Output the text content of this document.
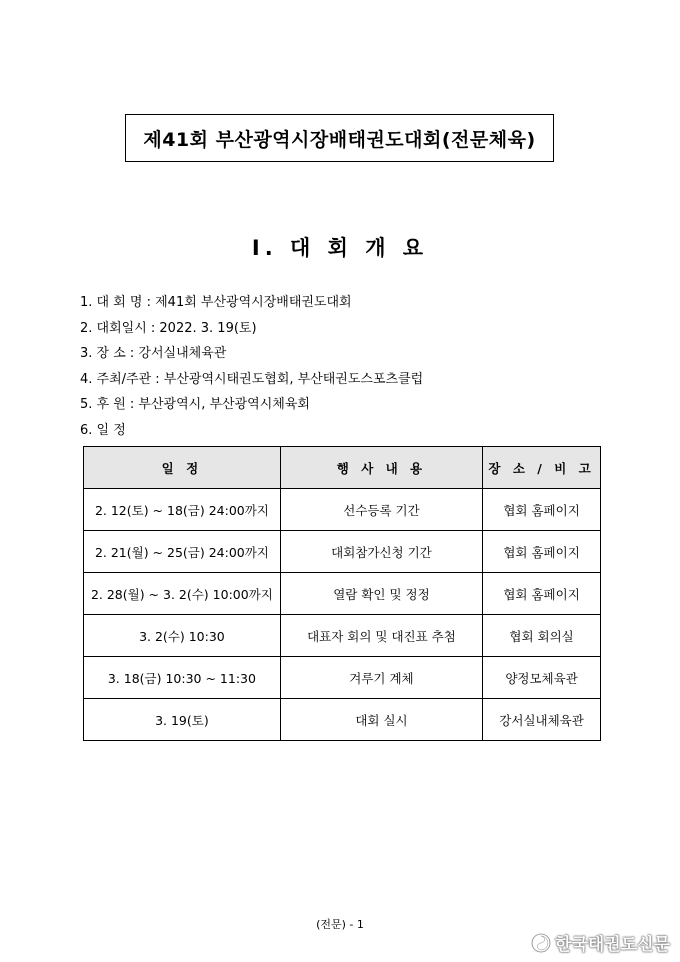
제41회 부산광역시장배태권도대회(전문체육)
Ⅰ. 대 회 개 요
1. 대 회 명 : 제41회 부산광역시장배태권도대회
2. 대회일시 : 2022. 3. 19(토)
3. 장 소 : 강서실내체육관
4. 주최/주관 : 부산광역시태권도협회, 부산태권도스포츠클럽
5. 후 원 : 부산광역시, 부산광역시체육회
6. 일 정
일 정	행 사 내 용	장 소 / 비 고
2. 12(토) ~ 18(금) 24:00까지	선수등록 기간	협회 홈페이지
2. 21(월) ~ 25(금) 24:00까지	대회참가신청 기간	협회 홈페이지
2. 28(월) ~ 3. 2(수) 10:00까지	열람 확인 및 정정	협회 홈페이지
3. 2(수) 10:30	대표자 회의 및 대진표 추첨	협회 회의실
3. 18(금) 10:30 ~ 11:30	겨루기 계체	양정모체육관
3. 19(토)	대회 실시	강서실내체육관
(전문) - 1
한국태권도신문
